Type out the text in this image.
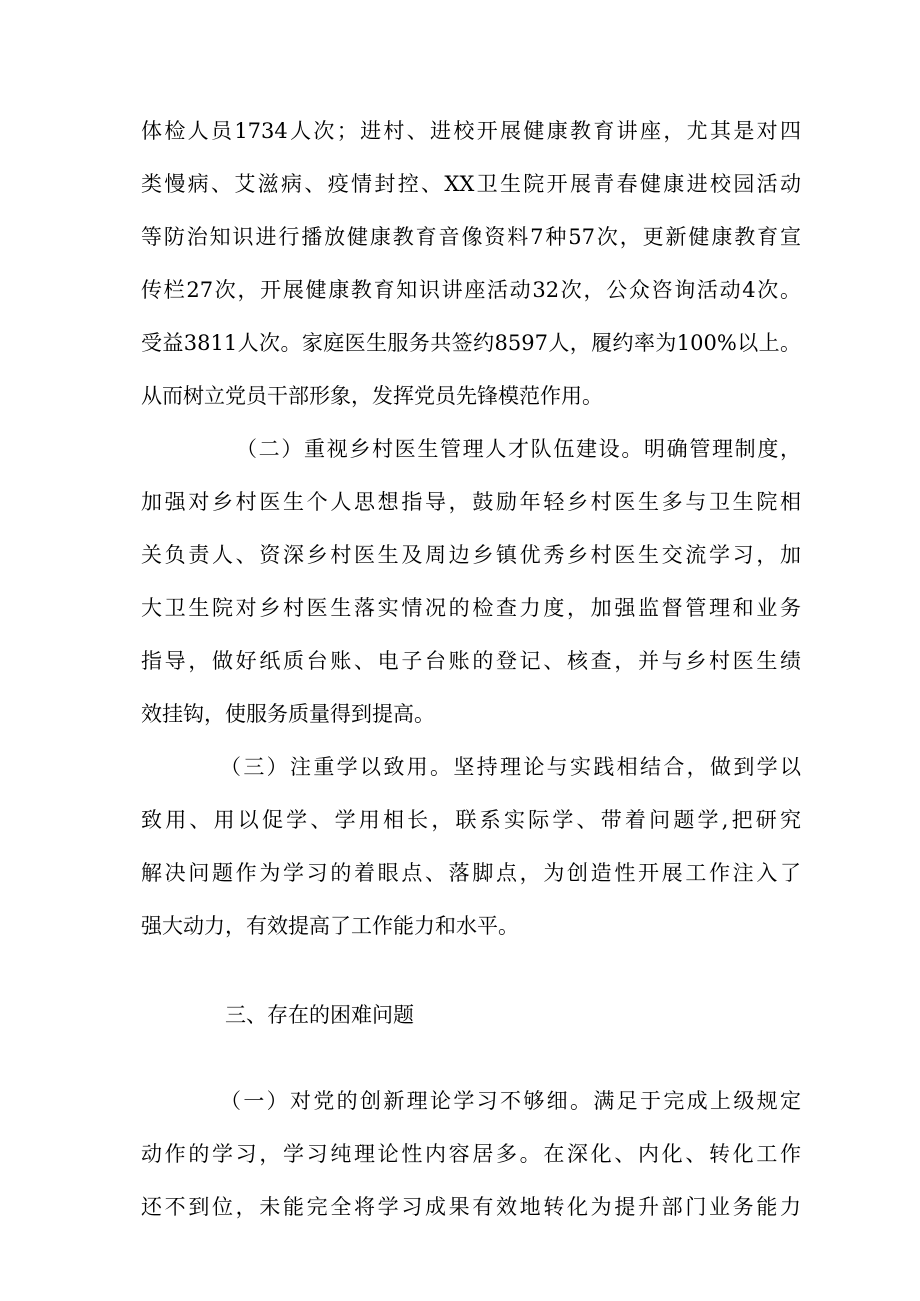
体检人员1734人次；进村、进校开展健康教育讲座，尤其是对四
类慢病、艾滋病、疫情封控、XX卫生院开展青春健康进校园活动
等防治知识进行播放健康教育音像资料7种57次，更新健康教育宣
传栏27次，开展健康教育知识讲座活动32次，公众咨询活动4次。
受益3811人次。家庭医生服务共签约8597人，履约率为100%以上。
从而树立党员干部形象，发挥党员先锋模范作用。
（二）重视乡村医生管理人才队伍建设。明确管理制度，
加强对乡村医生个人思想指导，鼓励年轻乡村医生多与卫生院相
关负责人、资深乡村医生及周边乡镇优秀乡村医生交流学习，加
大卫生院对乡村医生落实情况的检查力度，加强监督管理和业务
指导，做好纸质台账、电子台账的登记、核查，并与乡村医生绩
效挂钩，使服务质量得到提高。
（三）注重学以致用。坚持理论与实践相结合，做到学以
致用、用以促学、学用相长，联系实际学、带着问题学,把研究
解决问题作为学习的着眼点、落脚点，为创造性开展工作注入了
强大动力，有效提高了工作能力和水平。
三、存在的困难问题
（一）对党的创新理论学习不够细。满足于完成上级规定
动作的学习，学习纯理论性内容居多。在深化、内化、转化工作
还不到位，未能完全将学习成果有效地转化为提升部门业务能力
